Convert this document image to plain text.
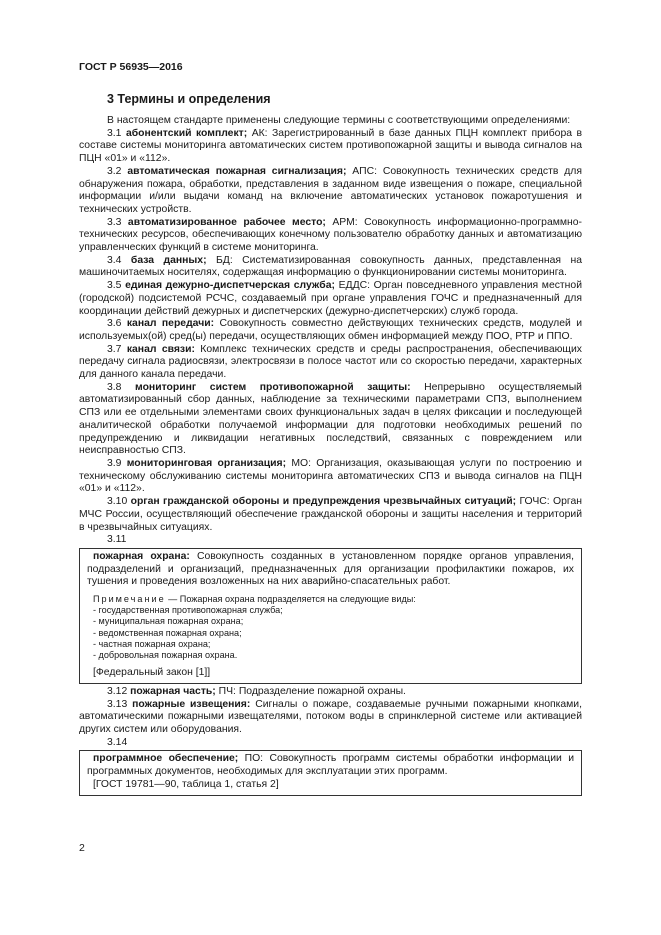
ГОСТ Р 56935—2016
3 Термины и определения

В настоящем стандарте применены следующие термины с соответствующими определениями:

3.1 абонентский комплект; АК: Зарегистрированный в базе данных ПЦН комплект прибора в составе системы мониторинга автоматических систем противопожарной защиты и вывода сигналов на ПЦН «01» и «112».

3.2 автоматическая пожарная сигнализация; АПС: Совокупность технических средств для обнаружения пожара, обработки, представления в заданном виде извещения о пожаре, специальной информации и/или выдачи команд на включение автоматических установок пожаротушения и технических устройств.

3.3 автоматизированное рабочее место; АРМ: Совокупность информационно-программно-технических ресурсов, обеспечивающих конечному пользователю обработку данных и автоматизацию управленческих функций в системе мониторинга.

3.4 база данных; БД: Систематизированная совокупность данных, представленная на машиночитаемых носителях, содержащая информацию о функционировании системы мониторинга.

3.5 единая дежурно-диспетчерская служба; ЕДДС: Орган повседневного управления местной (городской) подсистемой РСЧС, создаваемый при органе управления ГОЧС и предназначенный для координации действий дежурных и диспетчерских (дежурно-диспетчерских) служб города.

3.6 канал передачи: Совокупность совместно действующих технических средств, модулей и используемых(ой) сред(ы) передачи, осуществляющих обмен информацией между ПОО, РТР и ППО.

3.7 канал связи: Комплекс технических средств и среды распространения, обеспечивающих передачу сигнала радиосвязи, электросвязи в полосе частот или со скоростью передачи, характерных для данного канала передачи.

3.8 мониторинг систем противопожарной защиты: Непрерывно осуществляемый автоматизированный сбор данных, наблюдение за техническими параметрами СПЗ, выполнением СПЗ или ее отдельными элементами своих функциональных задач в целях фиксации и последующей аналитической обработки получаемой информации для подготовки необходимых решений по предупреждению и ликвидации негативных последствий, связанных с повреждением или неисправностью СПЗ.

3.9 мониторинговая организация; МО: Организация, оказывающая услуги по построению и техническому обслуживанию системы мониторинга автоматических СПЗ и вывода сигналов на ПЦН «01» и «112».

3.10 орган гражданской обороны и предупреждения чрезвычайных ситуаций; ГОЧС: Орган МЧС России, осуществляющий обеспечение гражданской обороны и защиты населения и территорий в чрезвычайных ситуациях.

3.11

пожарная охрана: Совокупность созданных в установленном порядке органов управления, подразделений и организаций, предназначенных для организации профилактики пожаров, их тушения и проведения возложенных на них аварийно-спасательных работ.

Примечание — Пожарная охрана подразделяется на следующие виды:
- государственная противопожарная служба;
- муниципальная пожарная охрана;
- ведомственная пожарная охрана;
- частная пожарная охрана;
- добровольная пожарная охрана.
[Федеральный закон [1]]

3.12 пожарная часть; ПЧ: Подразделение пожарной охраны.

3.13 пожарные извещения: Сигналы о пожаре, создаваемые ручными пожарными кнопками, автоматическими пожарными извещателями, потоком воды в спринклерной системе или активацией других систем или оборудования.

3.14

программное обеспечение; ПО: Совокупность программ системы обработки информации и программных документов, необходимых для эксплуатации этих программ.

[ГОСТ 19781—90, таблица 1, статья 2]
2
